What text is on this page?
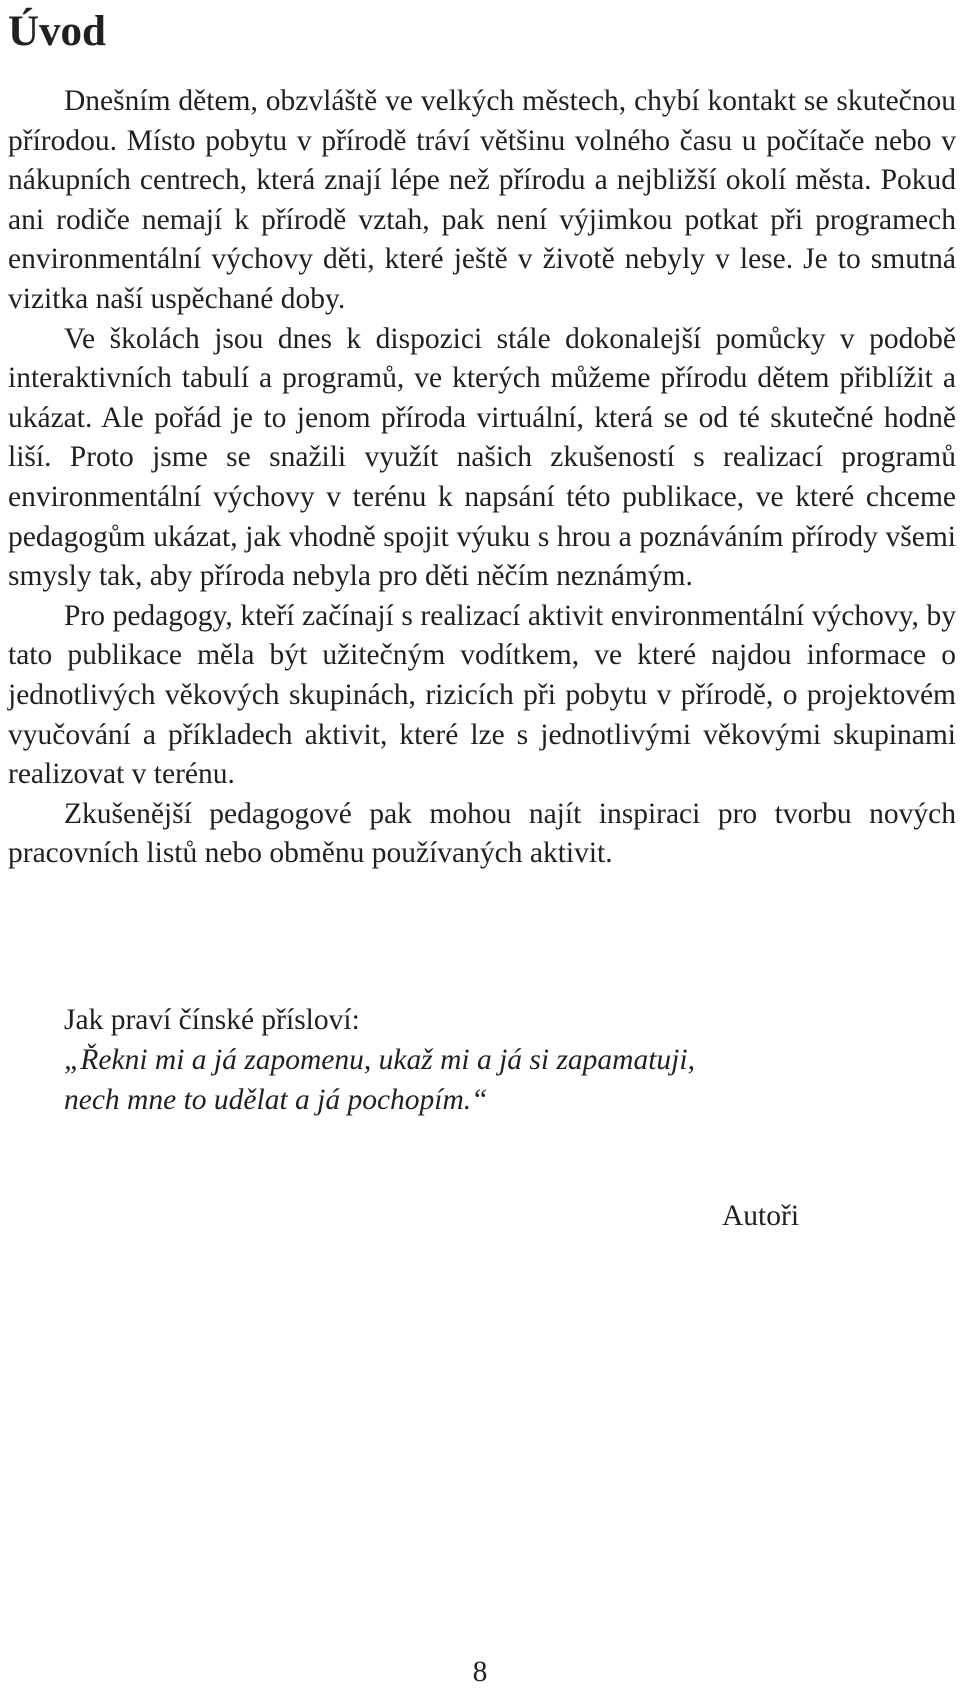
Úvod

Dnešním dětem, obzvláště ve velkých městech, chybí kontakt se skutečnou přírodou. Místo pobytu v přírodě tráví většinu volného času u počítače nebo v nákupních centrech, která znají lépe než přírodu a nejbližší okolí města. Pokud ani rodiče nemají k přírodě vztah, pak není výjimkou potkat při programech environmentální výchovy děti, které ještě v životě nebyly v lese. Je to smutná vizitka naší uspěchané doby.

Ve školách jsou dnes k dispozici stále dokonalejší pomůcky v podobě interaktivních tabulí a programů, ve kterých můžeme přírodu dětem přiblížit a ukázat. Ale pořád je to jenom příroda virtuální, která se od té skutečné hodně liší. Proto jsme se snažili využít našich zkušeností s realizací programů environmentální výchovy v terénu k napsání této publikace, ve které chceme pedagogům ukázat, jak vhodně spojit výuku s hrou a poznáváním přírody všemi smysly tak, aby příroda nebyla pro děti něčím neznámým.

Pro pedagogy, kteří začínají s realizací aktivit environmentální výchovy, by tato publikace měla být užitečným vodítkem, ve které najdou informace o jednotlivých věkových skupinách, rizicích při pobytu v přírodě, o projektovém vyučování a příkladech aktivit, které lze s jednotlivými věkovými skupinami realizovat v terénu.

Zkušenější pedagogové pak mohou najít inspiraci pro tvorbu nových pracovních listů nebo obměnu používaných aktivit.

Jak praví čínské přísloví:
„Řekni mi a já zapomenu, ukaž mi a já si zapamatuji,
nech mne to udělat a já pochopím.“
Autoři
8
